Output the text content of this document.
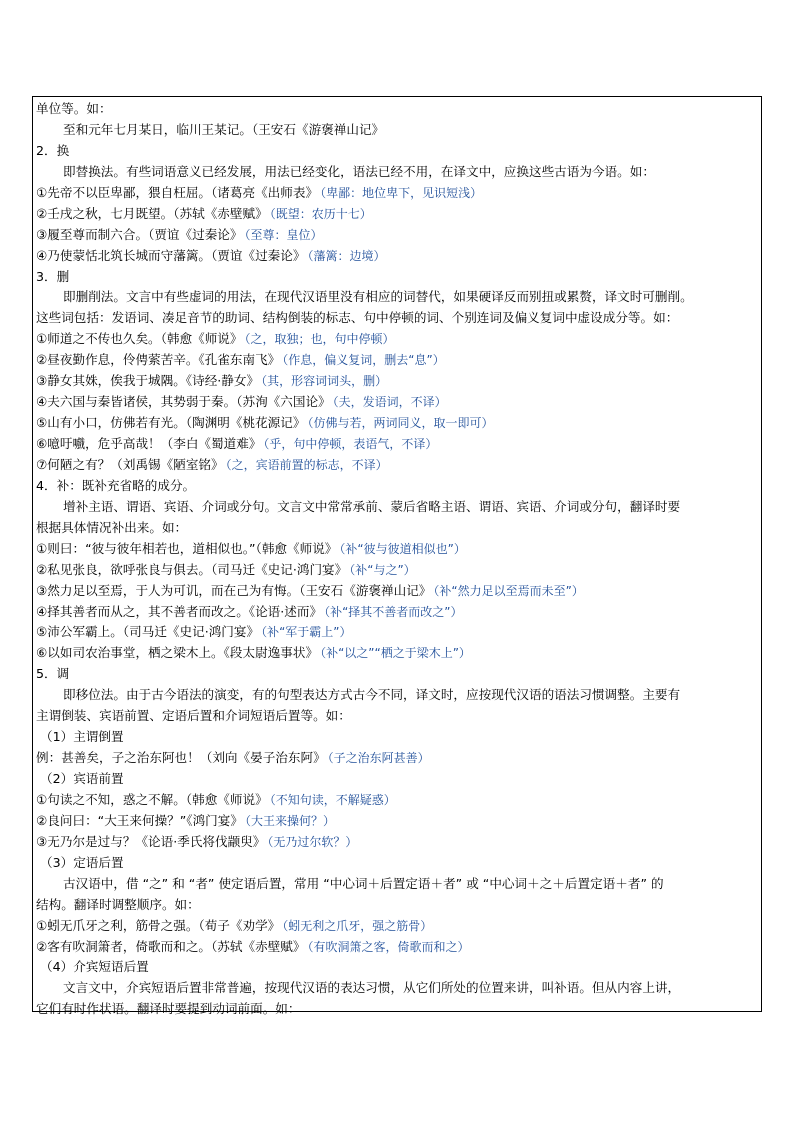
单位等。如：
至和元年七月某日，临川王某记。（王安石《游褒禅山记》
2．换
即替换法。有些词语意义已经发展，用法已经变化，语法已经不用，在译文中，应换这些古语为今语。如：
①先帝不以臣卑鄙，猥自枉屈。（诸葛亮《出师表》 （卑鄙：地位卑下，见识短浅）
②壬戌之秋，七月既望。（苏轼《赤壁赋》 （既望：农历十七）
③履至尊而制六合。（贾谊《过秦论》 （至尊：皇位）
④乃使蒙恬北筑长城而守藩篱。（贾谊《过秦论》 （藩篱：边境）
3．删
即删削法。文言中有些虚词的用法，在现代汉语里没有相应的词替代，如果硬译反而别扭或累赘，译文时可删削。
这些词包括：发语词、凑足音节的助词、结构倒装的标志、句中停顿的词、个别连词及偏义复词中虚设成分等。如：
①师道之不传也久矣。（韩愈《师说》 （之，取独；也，句中停顿）
②昼夜勤作息，伶俜萦苦辛。《孔雀东南飞》 （作息，偏义复词，删去“息”）
③静女其姝，俟我于城隅。《诗经·静女》 （其，形容词词头，删）
④夫六国与秦皆诸侯，其势弱于秦。（苏洵《六国论》 （夫，发语词，不译）
⑤山有小口，仿佛若有光。（陶渊明《桃花源记》 （仿佛与若，两词同义，取一即可）
⑥噫吁嚱，危乎高哉！（李白《蜀道难》 （乎，句中停顿，表语气，不译）
⑦何陋之有？（刘禹锡《陋室铭》 （之，宾语前置的标志，不译）
4．补：既补充省略的成分。
增补主语、谓语、宾语、介词或分句。文言文中常常承前、蒙后省略主语、谓语、宾语、介词或分句，翻译时要
根据具体情况补出来。如：
①则曰：“彼与彼年相若也，道相似也。”（韩愈《师说》 （补“彼与彼道相似也”）
②私见张良，欲呼张良与俱去。（司马迁《史记·鸿门宴》 （补“与之”）
③然力足以至焉，于人为可讥，而在己为有悔。（王安石《游褒禅山记》 （补“然力足以至焉而未至”）
④择其善者而从之，其不善者而改之。《论语·述而》 （补“择其不善者而改之”）
⑤沛公军霸上。（司马迁《史记·鸿门宴》 （补“军于霸上”）
⑥以如司农治事堂，栖之梁木上。《段太尉逸事状》 （补“以之”“栖之于梁木上”）
5．调
即移位法。由于古今语法的演变，有的句型表达方式古今不同，译文时，应按现代汉语的语法习惯调整。主要有
主谓倒装、宾语前置、定语后置和介词短语后置等。如：
（1）主谓倒置
例：甚善矣，子之治东阿也！（刘向《晏子治东阿》 （子之治东阿甚善）
（2）宾语前置
①句读之不知，惑之不解。（韩愈《师说》 （不知句读，不解疑惑）
②良问曰：“大王来何操？”《鸿门宴》 （大王来操何？）
③无乃尔是过与？《论语·季氏将伐颛臾》 （无乃过尔软？）
（3）定语后置
古汉语中，借 “之” 和 “者” 使定语后置，常用 “中心词＋后置定语＋者” 或 “中心词＋之＋后置定语＋者” 的
结构。翻译时调整顺序。如：
①蚓无爪牙之利，筋骨之强。（荀子《劝学》 （蚓无利之爪牙，强之筋骨）
②客有吹洞箫者，倚歌而和之。（苏轼《赤壁赋》 （有吹洞箫之客，倚歌而和之）
（4）介宾短语后置
文言文中，介宾短语后置非常普遍，按现代汉语的表达习惯，从它们所处的位置来讲，叫补语。但从内容上讲，
它们有时作状语。翻译时要提到动词前面。如：
